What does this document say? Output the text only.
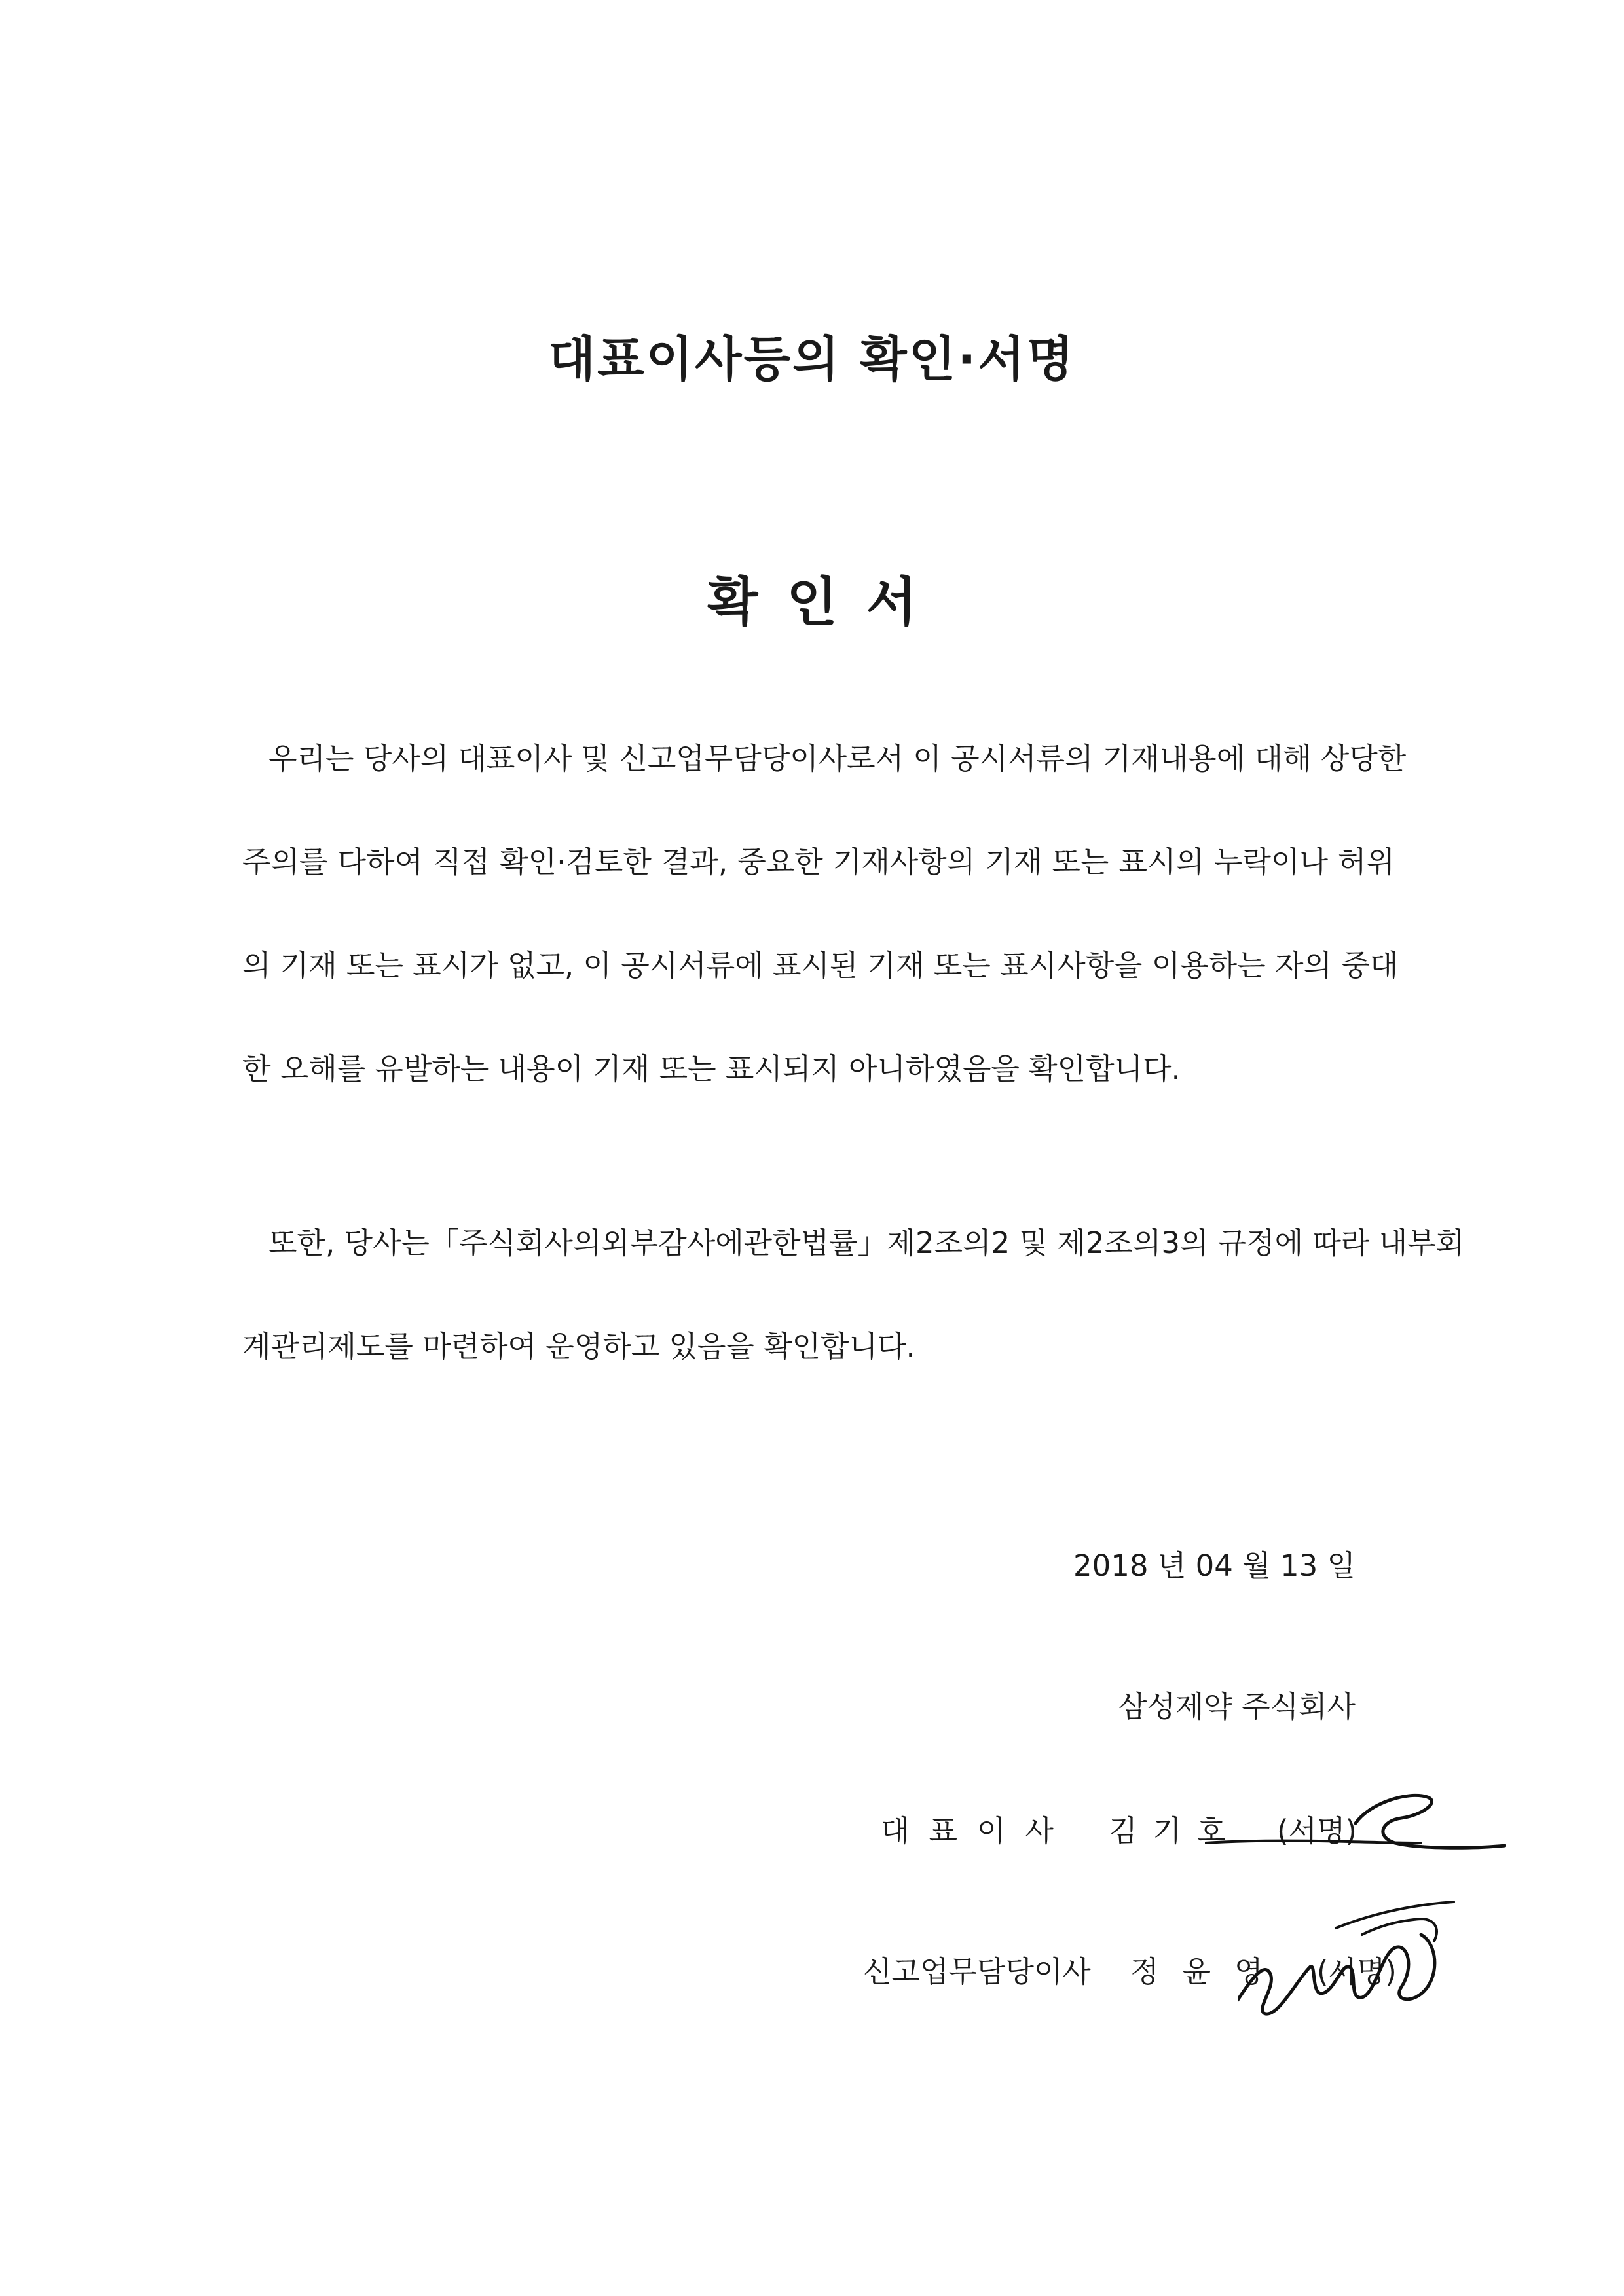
대표이사등의 확인·서명
확인서
우리는 당사의 대표이사 및 신고업무담당이사로서 이 공시서류의 기재내용에 대해 상당한
주의를 다하여 직접 확인·검토한 결과, 중요한 기재사항의 기재 또는 표시의 누락이나 허위
의 기재 또는 표시가 없고, 이 공시서류에 표시된 기재 또는 표시사항을 이용하는 자의 중대
한 오해를 유발하는 내용이 기재 또는 표시되지 아니하였음을 확인합니다.
또한, 당사는「주식회사의외부감사에관한법률」제2조의2 및 제2조의3의 규정에 따라 내부회
계관리제도를 마련하여 운영하고 있음을 확인합니다.
2018 년 04 월 13 일
삼성제약 주식회사
대표이사 김기호 (서명)
신고업무담당이사 정윤영 (서명)
